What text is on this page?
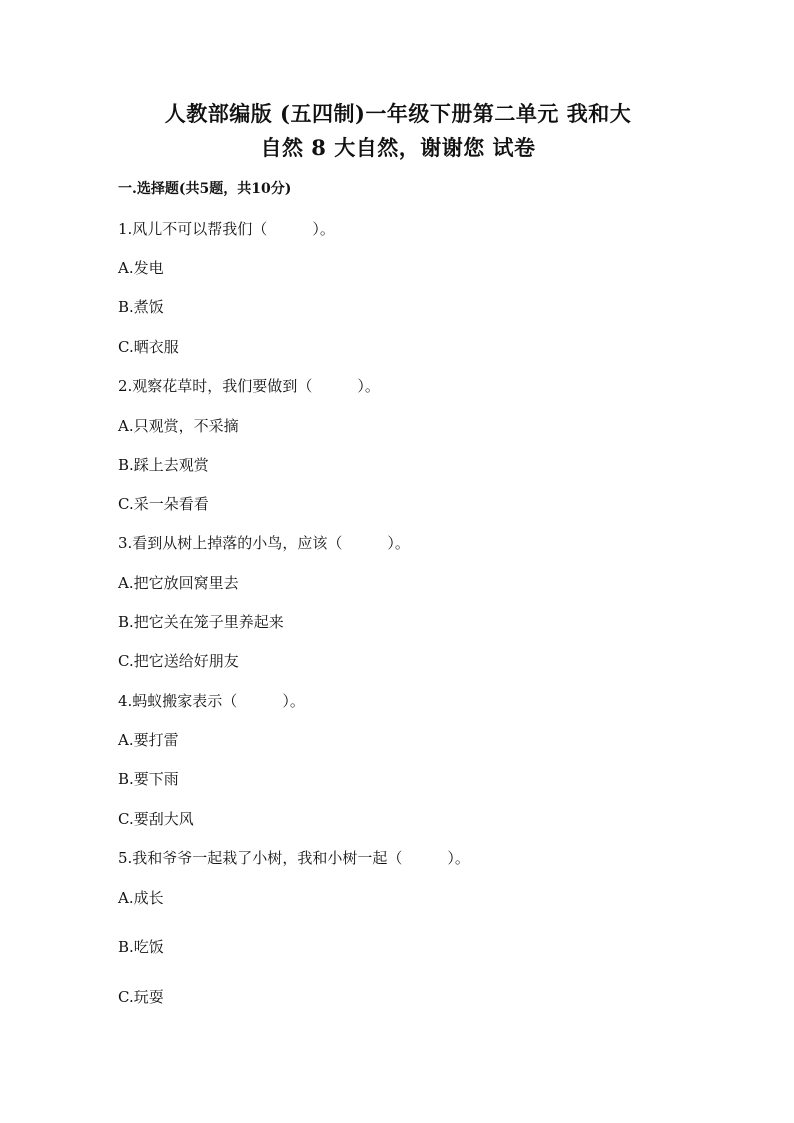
人教部编版 (五四制)一年级下册第二单元 我和大
自然 8 大自然，谢谢您 试卷
一.选择题(共5题，共10分)
1.风儿不可以帮我们（　　　）。
A.发电
B.煮饭
C.晒衣服
2.观察花草时，我们要做到（　　　）。
A.只观赏，不采摘
B.踩上去观赏
C.采一朵看看
3.看到从树上掉落的小鸟，应该（　　　）。
A.把它放回窝里去
B.把它关在笼子里养起来
C.把它送给好朋友
4.蚂蚁搬家表示（　　　）。
A.要打雷
B.要下雨
C.要刮大风
5.我和爷爷一起栽了小树，我和小树一起（　　　）。
A.成长
B.吃饭
C.玩耍
